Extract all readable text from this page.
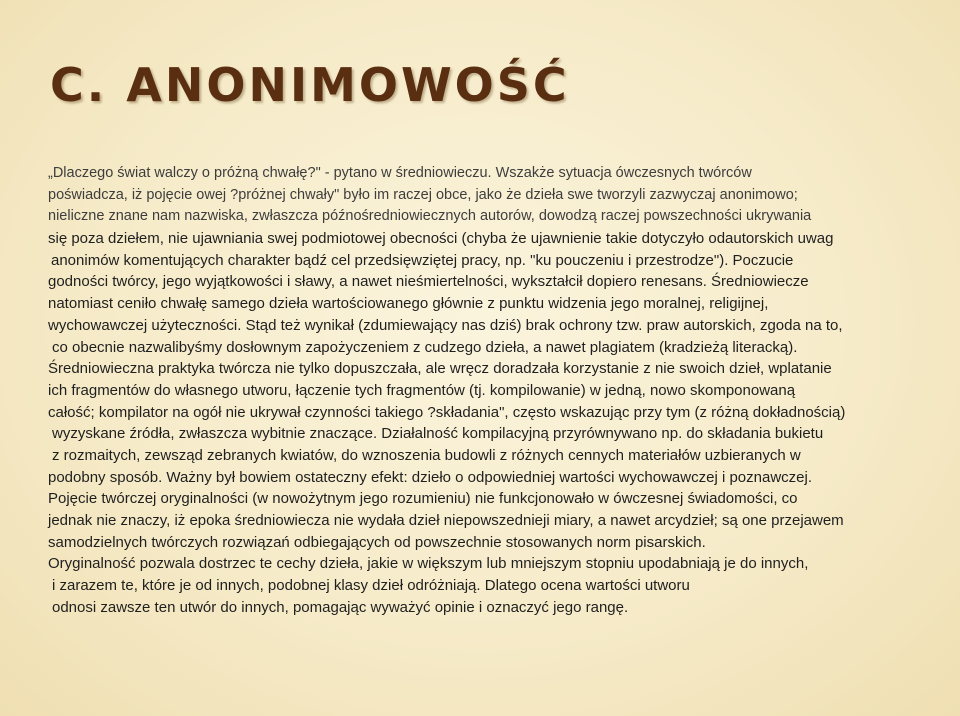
C. ANONIMOWOŚĆ
„Dlaczego świat walczy o próżną chwałę?" - pytano w średniowieczu. Wszakże sytuacja ówczesnych twórców
poświadcza, iż pojęcie owej ?próżnej chwały" było im raczej obce, jako że dzieła swe tworzyli zazwyczaj anonimowo;
nieliczne znane nam nazwiska, zwłaszcza późnośredniowiecznych autorów, dowodzą raczej powszechności ukrywania
się poza dziełem, nie ujawniania swej podmiotowej obecności (chyba że ujawnienie takie dotyczyło odautorskich uwag
anonimów komentujących charakter bądź cel przedsięwziętej pracy, np. "ku pouczeniu i przestrodze"). Poczucie
godności twórcy, jego wyjątkowości i sławy, a nawet nieśmiertelności, wykształcił dopiero renesans. Średniowiecze
natomiast ceniło chwałę samego dzieła wartościowanego głównie z punktu widzenia jego moralnej, religijnej,
wychowawczej użyteczności. Stąd też wynikał (zdumiewający nas dziś) brak ochrony tzw. praw autorskich, zgoda na to,
co obecnie nazwalibyśmy dosłownym zapożyczeniem z cudzego dzieła, a nawet plagiatem (kradzieżą literacką).
Średniowieczna praktyka twórcza nie tylko dopuszczała, ale wręcz doradzała korzystanie z nie swoich dzieł, wplatanie
ich fragmentów do własnego utworu, łączenie tych fragmentów (tj. kompilowanie) w jedną, nowo skomponowaną
całość; kompilator na ogół nie ukrywał czynności takiego ?składania", często wskazując przy tym (z różną dokładnością)
wyzyskane źródła, zwłaszcza wybitnie znaczące. Działalność kompilacyjną przyrównywano np. do składania bukietu
z rozmaitych, zewsząd zebranych kwiatów, do wznoszenia budowli z różnych cennych materiałów uzbieranych w
podobny sposób. Ważny był bowiem ostateczny efekt: dzieło o odpowiedniej wartości wychowawczej i poznawczej.
Pojęcie twórczej oryginalności (w nowożytnym jego rozumieniu) nie funkcjonowało w ówczesnej świadomości, co
jednak nie znaczy, iż epoka średniowiecza nie wydała dzieł niepowszednieji miary, a nawet arcydzieł; są one przejawem
samodzielnych twórczych rozwiązań odbiegających od powszechnie stosowanych norm pisarskich.
Oryginalność pozwala dostrzec te cechy dzieła, jakie w większym lub mniejszym stopniu upodabniają je do innych,
i zarazem te, które je od innych, podobnej klasy dzieł odróżniają. Dlatego ocena wartości utworu
odnosi zawsze ten utwór do innych, pomagając wyważyć opinie i oznaczyć jego rangę.
